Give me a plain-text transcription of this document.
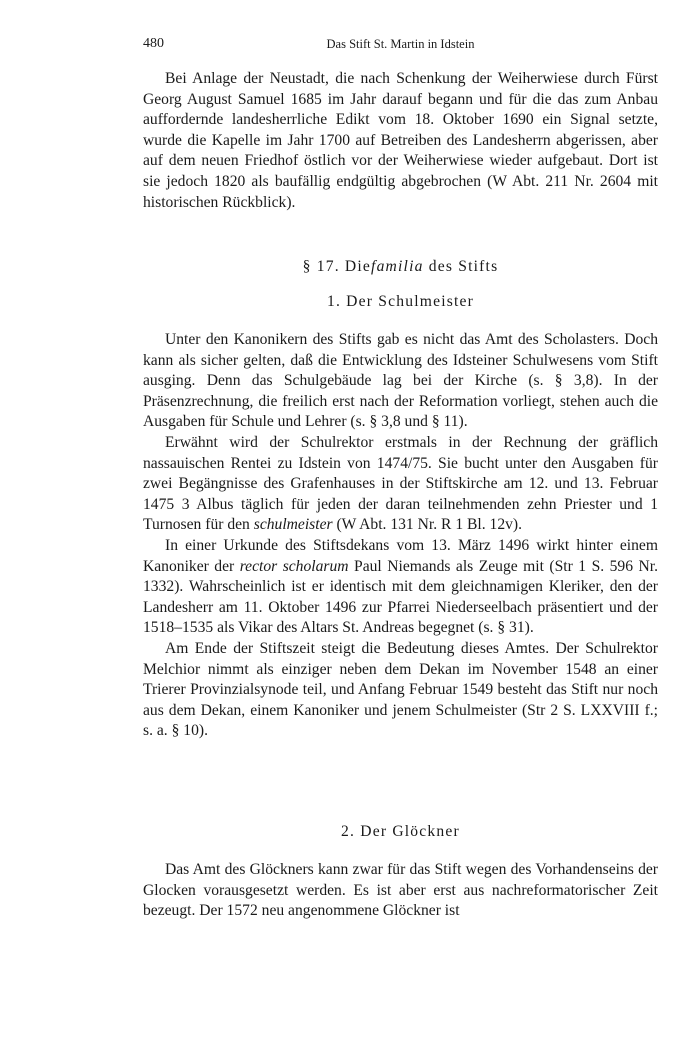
480	Das Stift St. Martin in Idstein

Bei Anlage der Neustadt, die nach Schenkung der Weiherwiese durch Fürst Georg August Samuel 1685 im Jahr darauf begann und für die das zum Anbau auffordernde landesherrliche Edikt vom 18. Oktober 1690 ein Signal setzte, wurde die Kapelle im Jahr 1700 auf Betreiben des Landesherrn abgerissen, aber auf dem neuen Friedhof östlich vor der Weiherwiese wieder aufgebaut. Dort ist sie jedoch 1820 als baufällig endgültig abgebrochen (W Abt. 211 Nr. 2604 mit historischen Rückblick).

§ 17. Diefamilia des Stifts
1. Der Schulmeister

Unter den Kanonikern des Stifts gab es nicht das Amt des Scholasters. Doch kann als sicher gelten, daß die Entwicklung des Idsteiner Schulwesens vom Stift ausging. Denn das Schulgebäude lag bei der Kirche (s. § 3,8). In der Präsenzrechnung, die freilich erst nach der Reformation vorliegt, stehen auch die Ausgaben für Schule und Lehrer (s. § 3,8 und § 11).

Erwähnt wird der Schulrektor erstmals in der Rechnung der gräflich nassauischen Rentei zu Idstein von 1474/75. Sie bucht unter den Ausgaben für zwei Begängnisse des Grafenhauses in der Stiftskirche am 12. und 13. Februar 1475 3 Albus täglich für jeden der daran teilnehmenden zehn Priester und 1 Turnosen für den schulmeister (W Abt. 131 Nr. R 1 Bl. 12v).

In einer Urkunde des Stiftsdekans vom 13. März 1496 wirkt hinter einem Kanoniker der rector scholarum Paul Niemands als Zeuge mit (Str 1 S. 596 Nr. 1332). Wahrscheinlich ist er identisch mit dem gleichnamigen Kleriker, den der Landesherr am 11. Oktober 1496 zur Pfarrei Niederseelbach präsentiert und der 1518–1535 als Vikar des Altars St. Andreas begegnet (s. § 31).

Am Ende der Stiftszeit steigt die Bedeutung dieses Amtes. Der Schulrektor Melchior nimmt als einziger neben dem Dekan im November 1548 an einer Trierer Provinzialsynode teil, und Anfang Februar 1549 besteht das Stift nur noch aus dem Dekan, einem Kanoniker und jenem Schulmeister (Str 2 S. LXXVIII f.; s. a. § 10).

2. Der Glöckner

Das Amt des Glöckners kann zwar für das Stift wegen des Vorhandenseins der Glocken vorausgesetzt werden. Es ist aber erst aus nachreformatorischer Zeit bezeugt. Der 1572 neu angenommene Glöckner ist
